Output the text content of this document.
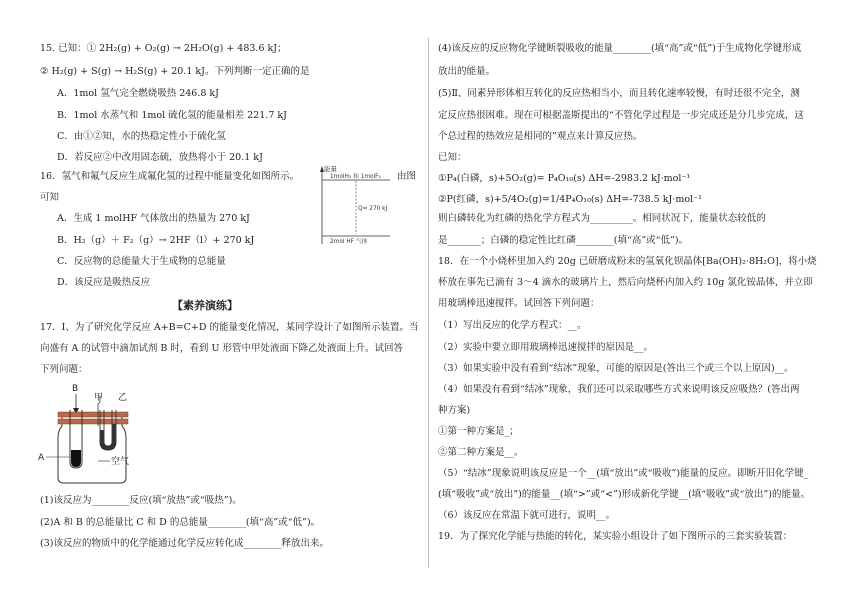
15. 已知：① 2H₂(g) + O₂(g) → 2H₂O(g) + 483.6 kJ；
② H₂(g) + S(g) → H₂S(g) + 20.1 kJ。下列判断一定正确的是
A．1mol 氢气完全燃烧吸热 246.8 kJ
B．1mol 水蒸气和 1mol 硫化氢的能量相差 221.7 kJ
C．由①②知，水的热稳定性小于硫化氢
D．若反应②中改用固态硫，放热将小于 20.1 kJ
16．氢气和氟气反应生成氟化氢的过程中能量变化如图所示。	由图
可知
A．生成 1 molHF 气体放出的热量为 270 kJ
B．H₂（g）＋ F₂（g）→ 2HF（l）+ 270 kJ
C．反应物的总能量大于生成物的总能量
D．该反应是吸热反应
能量
1molH₂ 和 1molF₂
Q= 270 kJ
2mol HF 气体
【素养演练】
17．Ⅰ、为了研究化学反应 A+B=C+D 的能量变化情况，某同学设计了如图所示装置。当
向盛有 A 的试管中滴加试剂 B 时，看到 U 形管中甲处液面下降乙处液面上升。试回答
下列问题：
B
甲 乙
A	空气
(1)该反应为________反应(填“放热”或“吸热”)。
(2)A 和 B 的总能量比 C 和 D 的总能量________(填“高”或“低”)。
(3)该反应的物质中的化学能通过化学反应转化成________释放出来。
(4)该反应的反应物化学键断裂吸收的能量________(填“高”或“低”)于生成物化学键形成
放出的能量。
(5)Ⅱ、同素异形体相互转化的反应热相当小，而且转化速率较慢，有时还很不完全，测
定反应热很困难。现在可根据盖斯提出的“不管化学过程是一步完成还是分几步完成，这
个总过程的热效应是相同的”观点来计算反应热。
已知：
①P₄(白磷，s)+5O₂(g)= P₄O₁₀(s) ΔH=-2983.2 kJ·mol⁻¹
②P(红磷，s)+5/4O₂(g)=1/4P₄O₁₀(s) ΔH=-738.5 kJ·mol⁻¹
则白磷转化为红磷的热化学方程式为_________。相同状况下，能量状态较低的
是_______；白磷的稳定性比红磷________(填“高”或“低”)。
18．在一个小烧杯里加入约 20g 已研磨成粉末的氢氧化钡晶体[Ba(OH)₂·8H₂O]，将小烧
杯放在事先已滴有 3～4 滴水的玻璃片上，然后向烧杯内加入约 10g 氯化铵晶体，并立即
用玻璃棒迅速搅拌。试回答下列问题：
（1）写出反应的化学方程式：__。
（2）实验中要立即用玻璃棒迅速搅拌的原因是__。
（3）如果实验中没有看到“结冰”现象，可能的原因是(答出三个或三个以上原因)__。
（4）如果没有看到“结冰”现象，我们还可以采取哪些方式来说明该反应吸热？(答出两
种方案)
①第一种方案是_；
②第二种方案是__。
（5）“结冰”现象说明该反应是一个__(填“放出”或“吸收”)能量的反应。即断开旧化学键_
(填“吸收”或“放出”)的能量__(填“>”或“<”)形成新化学键__(填“吸收”或“放出”)的能量。
（6）该反应在常温下就可进行，说明__。
19．为了探究化学能与热能的转化，某实验小组设计了如下图所示的三套实验装置：
